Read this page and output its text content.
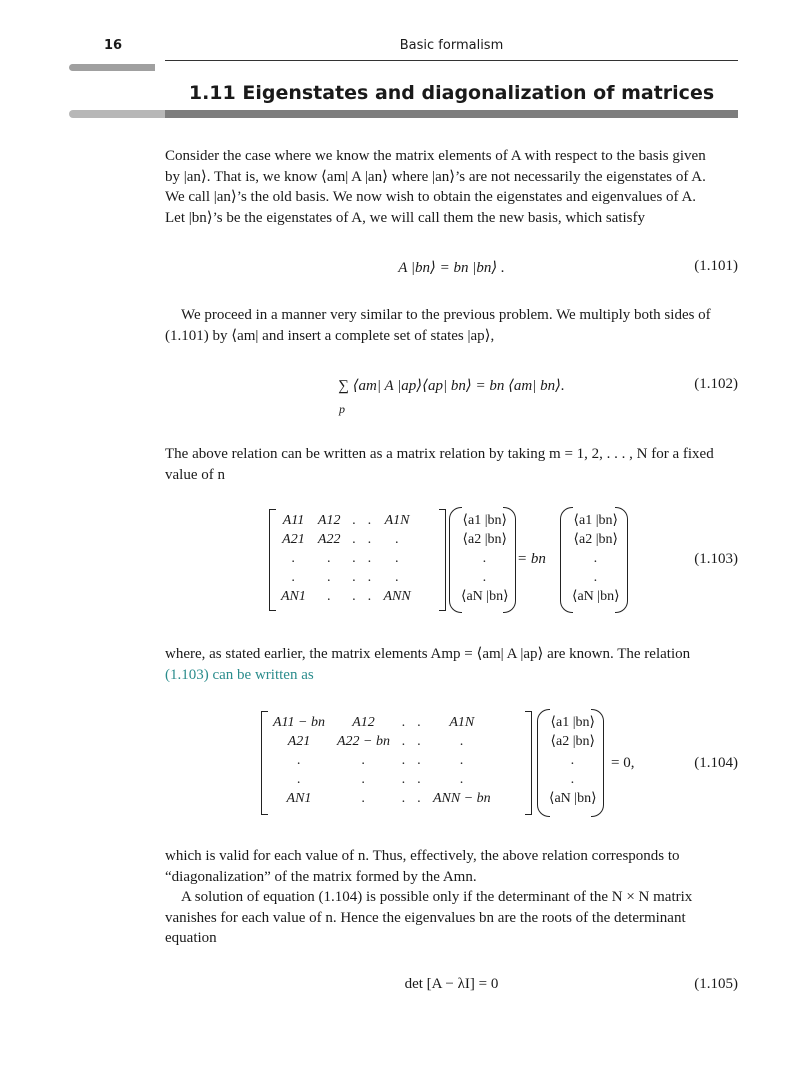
16	Basic formalism
1.11 Eigenstates and diagonalization of matrices
Consider the case where we know the matrix elements of A with respect to the basis given
by |an⟩. That is, we know ⟨am| A |an⟩ where |an⟩’s are not necessarily the eigenstates of A.
We call |an⟩’s the old basis. We now wish to obtain the eigenstates and eigenvalues of A.
Let |bn⟩’s be the eigenstates of A, we will call them the new basis, which satisfy
A |bn⟩ = bn |bn⟩ .	(1.101)
We proceed in a manner very similar to the previous problem. We multiply both sides of
(1.101) by ⟨am| and insert a complete set of states |ap⟩,
∑ ⟨am| A |ap⟩⟨ap| bn⟩ = bn ⟨am| bn⟩.
p
(1.102)
The above relation can be written as a matrix relation by taking m = 1, 2, . . . , N for a fixed
value of n
A11	A12	.	.	A1N
A21	A22	.	.	.
.	.	.	.	.
.	.	.	.	.
AN1	.	.	.	ANN
⟨a1 |bn⟩
⟨a2 |bn⟩
.
.
⟨aN |bn⟩
= bn
⟨a1 |bn⟩
⟨a2 |bn⟩
.
.
⟨aN |bn⟩
(1.103)
where, as stated earlier, the matrix elements Amp = ⟨am| A |ap⟩ are known. The relation
(1.103) can be written as
A11 − bn	A12	.	.	A1N
A21	A22 − bn	.	.	.
.	.	.	.	.
.	.	.	.	.
AN1	.	.	.	ANN − bn
⟨a1 |bn⟩
⟨a2 |bn⟩
.
.
⟨aN |bn⟩
= 0,	(1.104)
which is valid for each value of n. Thus, effectively, the above relation corresponds to
“diagonalization” of the matrix formed by the Amn.
A solution of equation (1.104) is possible only if the determinant of the N × N matrix
vanishes for each value of n. Hence the eigenvalues bn are the roots of the determinant
equation
det [A − λI] = 0	(1.105)
